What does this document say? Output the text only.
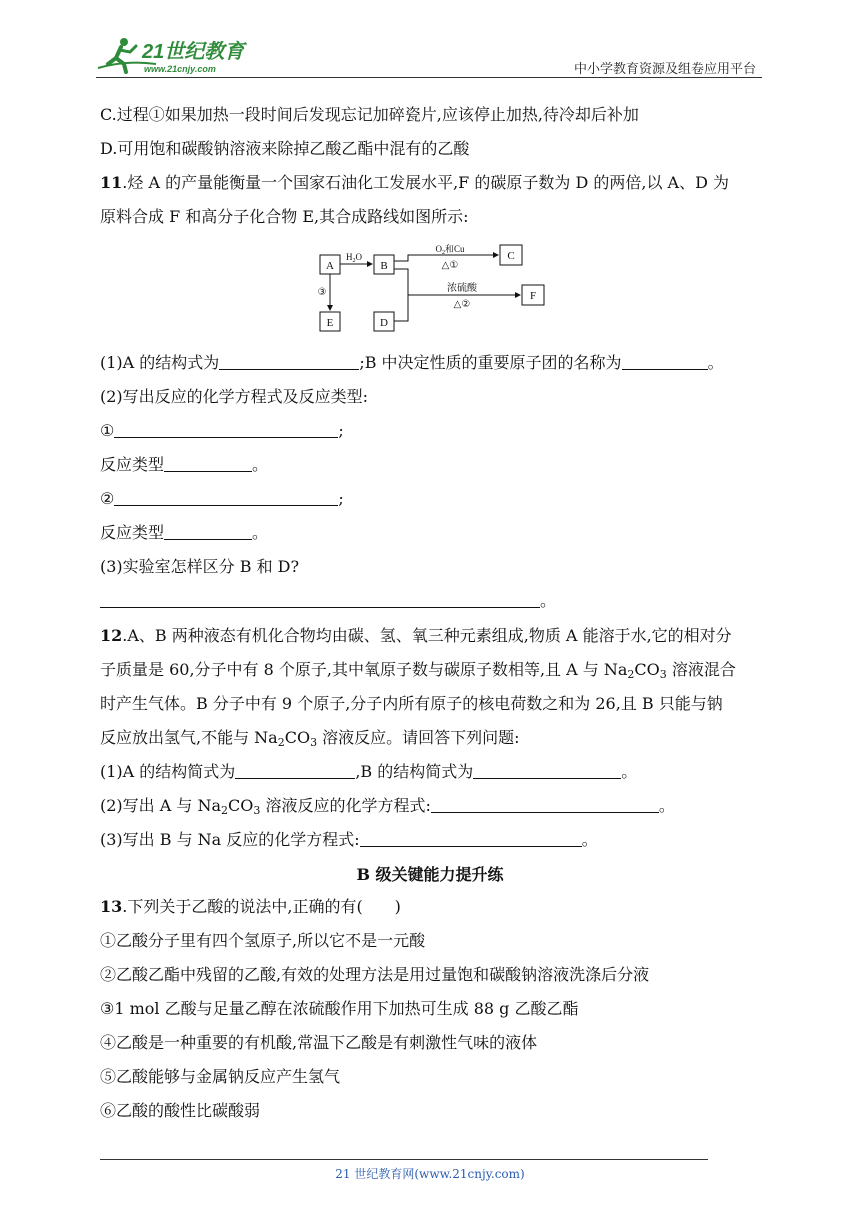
21世纪教育
www.21cnjy.com	中小学教育资源及组卷应用平台
C.过程①如果加热一段时间后发现忘记加碎瓷片,应该停止加热,待冷却后补加
D.可用饱和碳酸钠溶液来除掉乙酸乙酯中混有的乙酸
11.烃 A 的产量能衡量一个国家石油化工发展水平,F 的碳原子数为 D 的两倍,以 A、D 为
原料合成 F 和高分子化合物 E,其合成路线如图所示:
A	B
C
E	D
F
$H_2O$
$O_2$和Cu
△①
③	浓硫酸
△②
(1)A 的结构式为	;B 中决定性质的重要原子团的名称为	。
(2)写出反应的化学方程式及反应类型:
①	;
反应类型	。
②	;
反应类型	。
(3)实验室怎样区分 B 和 D?
。
12.A、B 两种液态有机化合物均由碳、氢、氧三种元素组成,物质 A 能溶于水,它的相对分
子质量是 60,分子中有 8 个原子,其中氧原子数与碳原子数相等,且 A 与 $Na_2CO_3$ 溶液混合
时产生气体。B 分子中有 9 个原子,分子内所有原子的核电荷数之和为 26,且 B 只能与钠
反应放出氢气,不能与 $Na_2CO_3$ 溶液反应。请回答下列问题:
(1)A 的结构简式为	,B 的结构简式为	。
(2)写出 A 与 $Na_2CO_3$ 溶液反应的化学方程式:	。
(3)写出 B 与 Na 反应的化学方程式:	。
B 级关键能力提升练
13.下列关于乙酸的说法中,正确的有(　　)
①乙酸分子里有四个氢原子,所以它不是一元酸
②乙酸乙酯中残留的乙酸,有效的处理方法是用过量饱和碳酸钠溶液洗涤后分液
③1 mol 乙酸与足量乙醇在浓硫酸作用下加热可生成 88 g 乙酸乙酯
④乙酸是一种重要的有机酸,常温下乙酸是有刺激性气味的液体
⑤乙酸能够与金属钠反应产生氢气
⑥乙酸的酸性比碳酸弱
21 世纪教育网(www.21cnjy.com)
